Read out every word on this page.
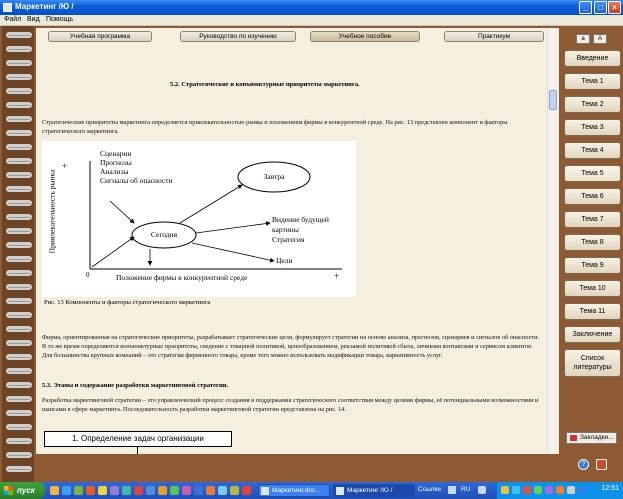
Маркетинг /Ю /	_	□	×
Файл Вид Помощь
Учебная программа	Руководство по изучению	Учебное пособие	Практикум
5.2. Стратегические и конъюнктурные приоритеты маркетинга.
Стратегические приоритеты маркетинга определяется привлекательностью рынка и положением фирмы в конкурентной среде. На рис. 13 представлен компонент и факторы стратегического маркетинга.
Привлекательность рынка
+
0	+
Положение фирмы в конкурентной среде
Сценарии
Прогнозы
Анализы
Сигналы об опасности
Сегодня
Завтра
Видение будущей
картины
Стратегия
Цели
Рис. 13 Компоненты и факторы стратегического маркетинга
Фирма, ориентированная на стратегические приоритеты, разрабатывает стратегические цели, формулирует стратегии на основе анализа, прогнозов, сценариев и сигналов об опасности. В то же время определяются конъюнктурные приоритеты, сведение с товарной политикой, ценообразованием, рекламой политикой сбыта, личными контактами и сервисом клиентов. Для большинства крупных компаний – это стратегия фирменного товара, кроме того можно использовать модификации товара, вариативность услуг.
5.3. Этапы и содержание разработки маркетинговой стратегии.
Разработка маркетинговой стратегии – это управленческий процесс создания и поддержания стратегического соответствия между целями фирмы, её потенциальными возможностями и шансами в сфере маркетинга. Последовательность разработки маркетинговой стратегии представлена на рис. 14.
1. Определение задач организации
а	А
Введение
Тема 1
Тема 2
Тема 3
Тема 4
Тема 5
Тема 6
Тема 7
Тема 8
Тема 9
Тема 10
Тема 11
Заключение
Список литературы
Закладки...
?
пуск	Маркетинг.doc...	Маркетинг /Ю /	Ссылки	RU	12:51
